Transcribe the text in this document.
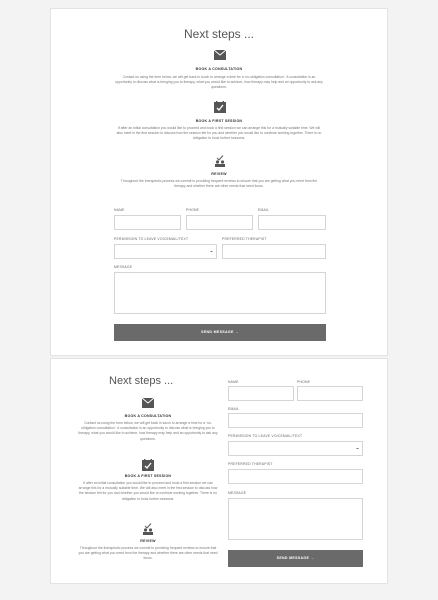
Next steps ...
BOOK A CONSULTATION
Contact us using the form below, we will get back in touch to arrange a time for a ‘no-obligation consultation’. A consultation is an opportunity to discuss what is bringing you to therapy, what you would like to achieve, how therapy may help and an opportunity to ask any questions.
BOOK A FIRST SESSION
If after an initial consultation you would like to proceed and book a first session we can arrange this for a mutually suitable time. We will also meet in the first session to discuss how the session felt for you and whether you would like to continue working together. There is no obligation to book further sessions.
REVIEW
Throughout the therapeutic process we commit to providing frequent reviews to ensure that you are getting what you need from the therapy and whether there are other needs that need focus.
NAME	PHONE	EMAIL
PERMISSION TO LEAVE VOICEMAIL/TEXT	PREFERRED THERAPIST
MESSAGE
SEND MESSAGE →
Next steps ...
BOOK A CONSULTATION
Contact us using the form below, we will get back in touch to arrange a time for a ‘no-obligation consultation’. A consultation is an opportunity to discuss what is bringing you to therapy, what you would like to achieve, how therapy may help and an opportunity to ask any questions.
BOOK A FIRST SESSION
If after an initial consultation you would like to proceed and book a first session we can arrange this for a mutually suitable time. We will also meet in the first session to discuss how the session felt for you and whether you would like to continue working together. There is no obligation to book further sessions.
REVIEW
Throughout the therapeutic process we commit to providing frequent reviews to ensure that you are getting what you need from the therapy and whether there are other needs that need focus.
NAME	PHONE
EMAIL
PERMISSION TO LEAVE VOICEMAIL/TEXT
PREFERRED THERAPIST
MESSAGE
SEND MESSAGE →
